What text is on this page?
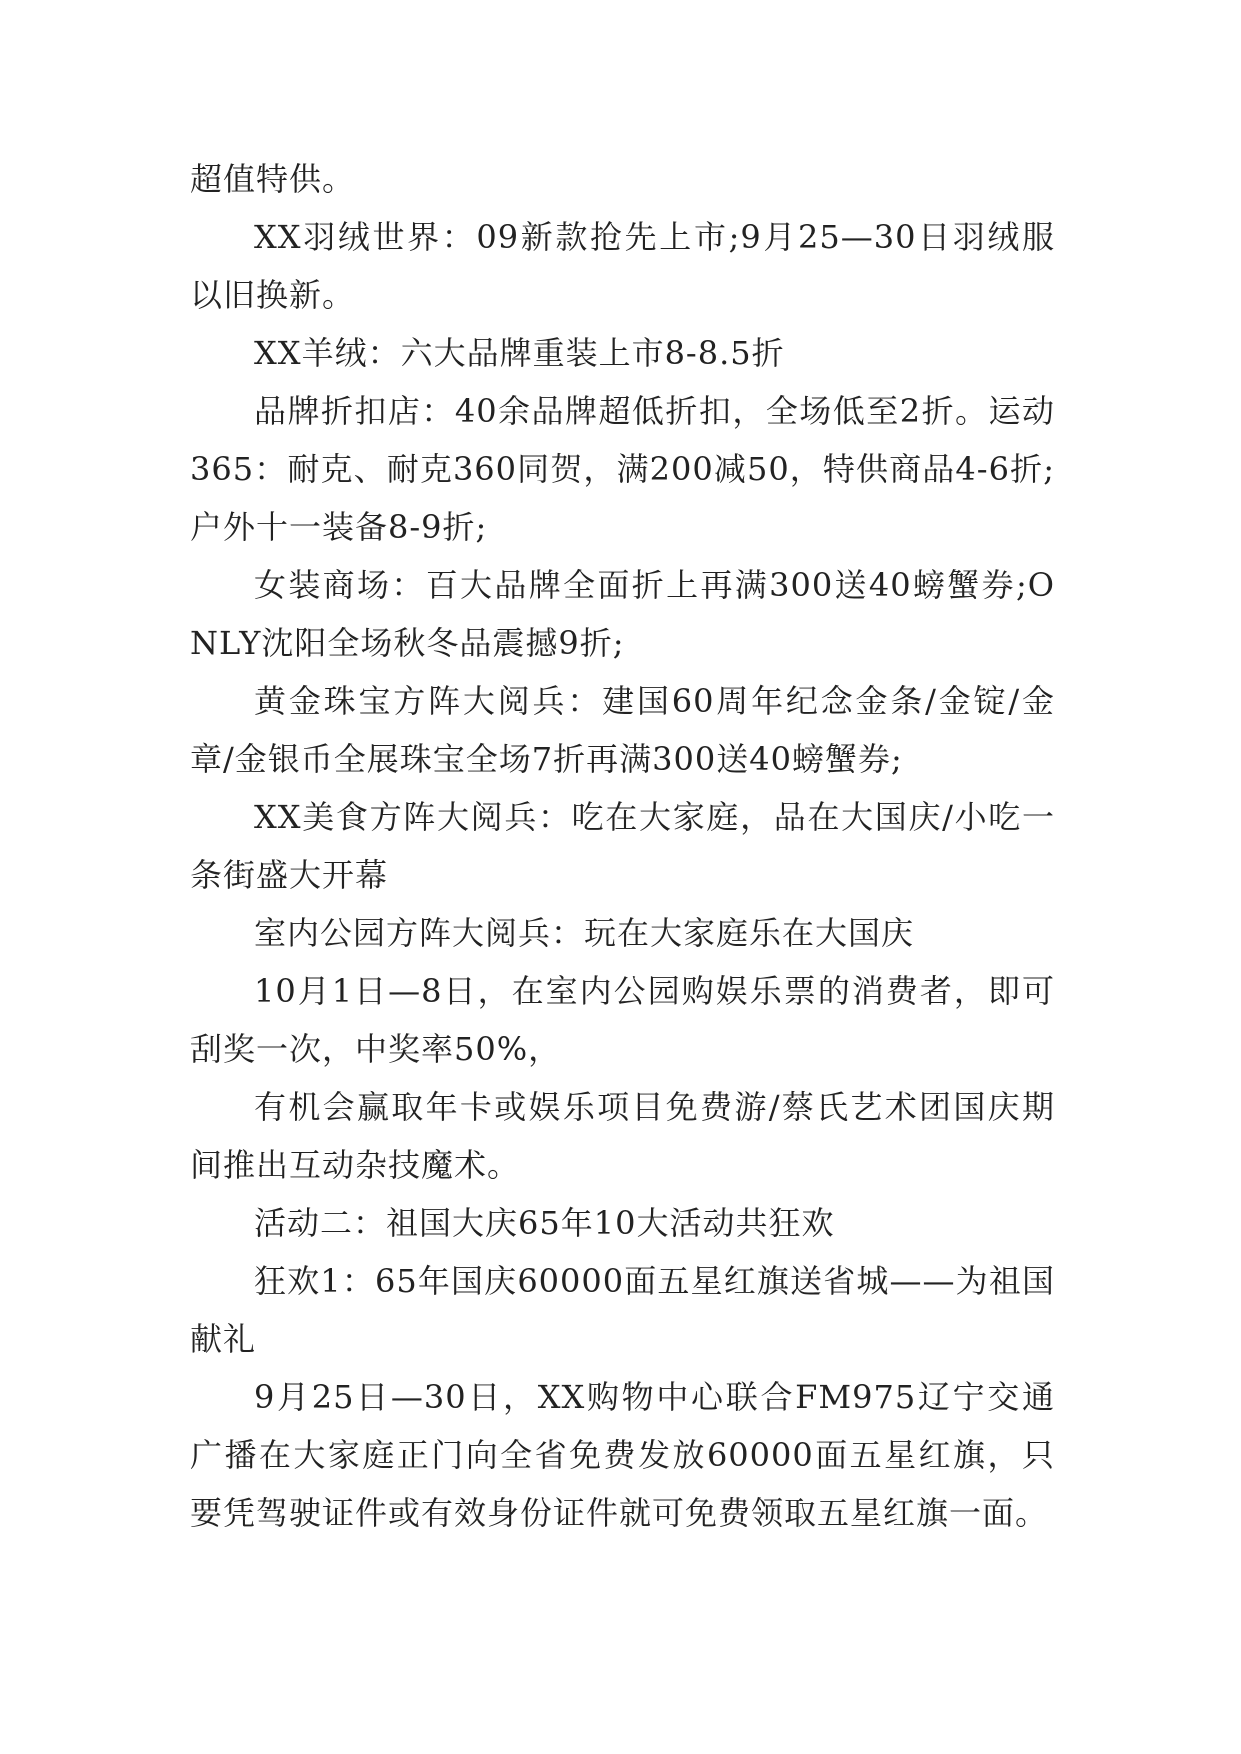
超值特供。

XX羽绒世界：09新款抢先上市;9月25—30日羽绒服以旧换新。

XX羊绒：六大品牌重装上市8-8.5折

品牌折扣店：40余品牌超低折扣，全场低至2折。运动365：耐克、耐克360同贺，满200减50，特供商品4-6折;户外十一装备8-9折;

女装商场：百大品牌全面折上再满300送40螃蟹券;ONLY沈阳全场秋冬品震撼9折;

黄金珠宝方阵大阅兵：建国60周年纪念金条/金锭/金章/金银币全展珠宝全场7折再满300送40螃蟹券;

XX美食方阵大阅兵：吃在大家庭，品在大国庆/小吃一条街盛大开幕

室内公园方阵大阅兵：玩在大家庭乐在大国庆

10月1日—8日，在室内公园购娱乐票的消费者，即可刮奖一次，中奖率50%，

有机会赢取年卡或娱乐项目免费游/蔡氏艺术团国庆期间推出互动杂技魔术。

活动二：祖国大庆65年10大活动共狂欢

狂欢1：65年国庆60000面五星红旗送省城——为祖国献礼

9月25日—30日，XX购物中心联合FM975辽宁交通广播在大家庭正门向全省免费发放60000面五星红旗，只要凭驾驶证件或有效身份证件就可免费领取五星红旗一面。
